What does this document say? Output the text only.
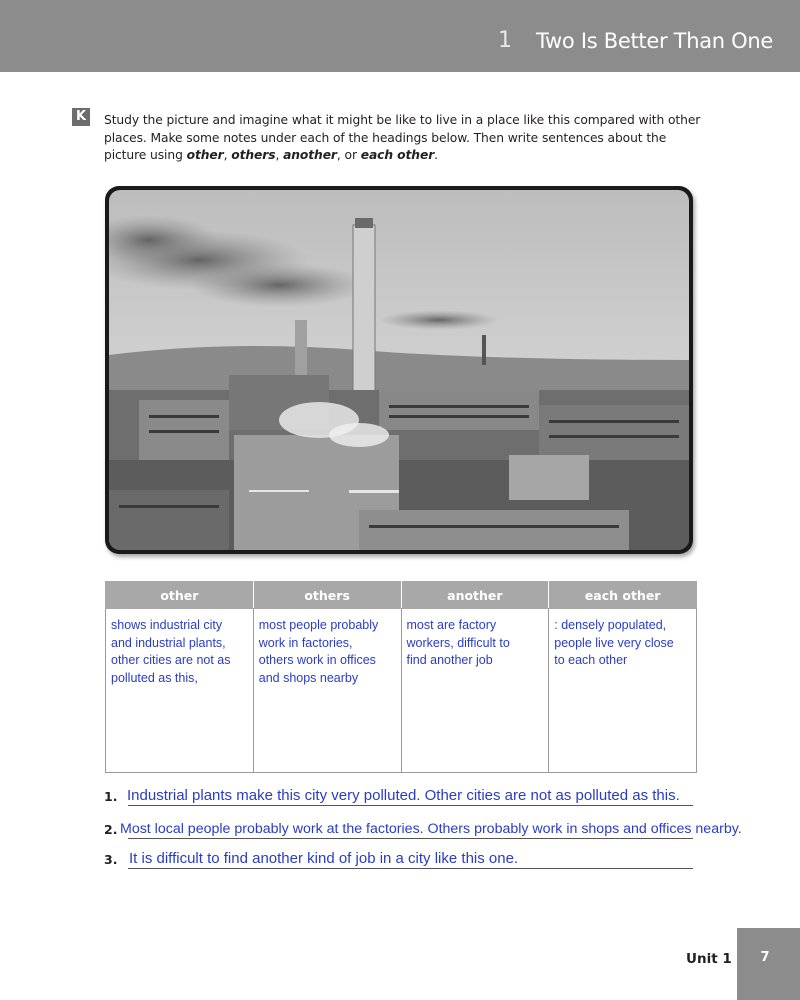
1 Two Is Better Than One
K	Study the picture and imagine what it might be like to live in a place like this compared with other places. Make some notes under each of the headings below. Then write sentences about the picture using other, others, another, or each other.
other	others	another	each other
shows industrial city
and industrial plants,
other cities are not as
polluted as this,	most people probably
work in factories,
others work in offices
and shops nearby	most are factory
workers, difficult to
find another job	: densely populated,
people live very close
to each other
1. Industrial plants make this city very polluted. Other cities are not as polluted as this.
2. Most local people probably work at the factories. Others probably work in shops and offices nearby.
3. It is difficult to find another kind of job in a city like this one.
Unit 1	7
